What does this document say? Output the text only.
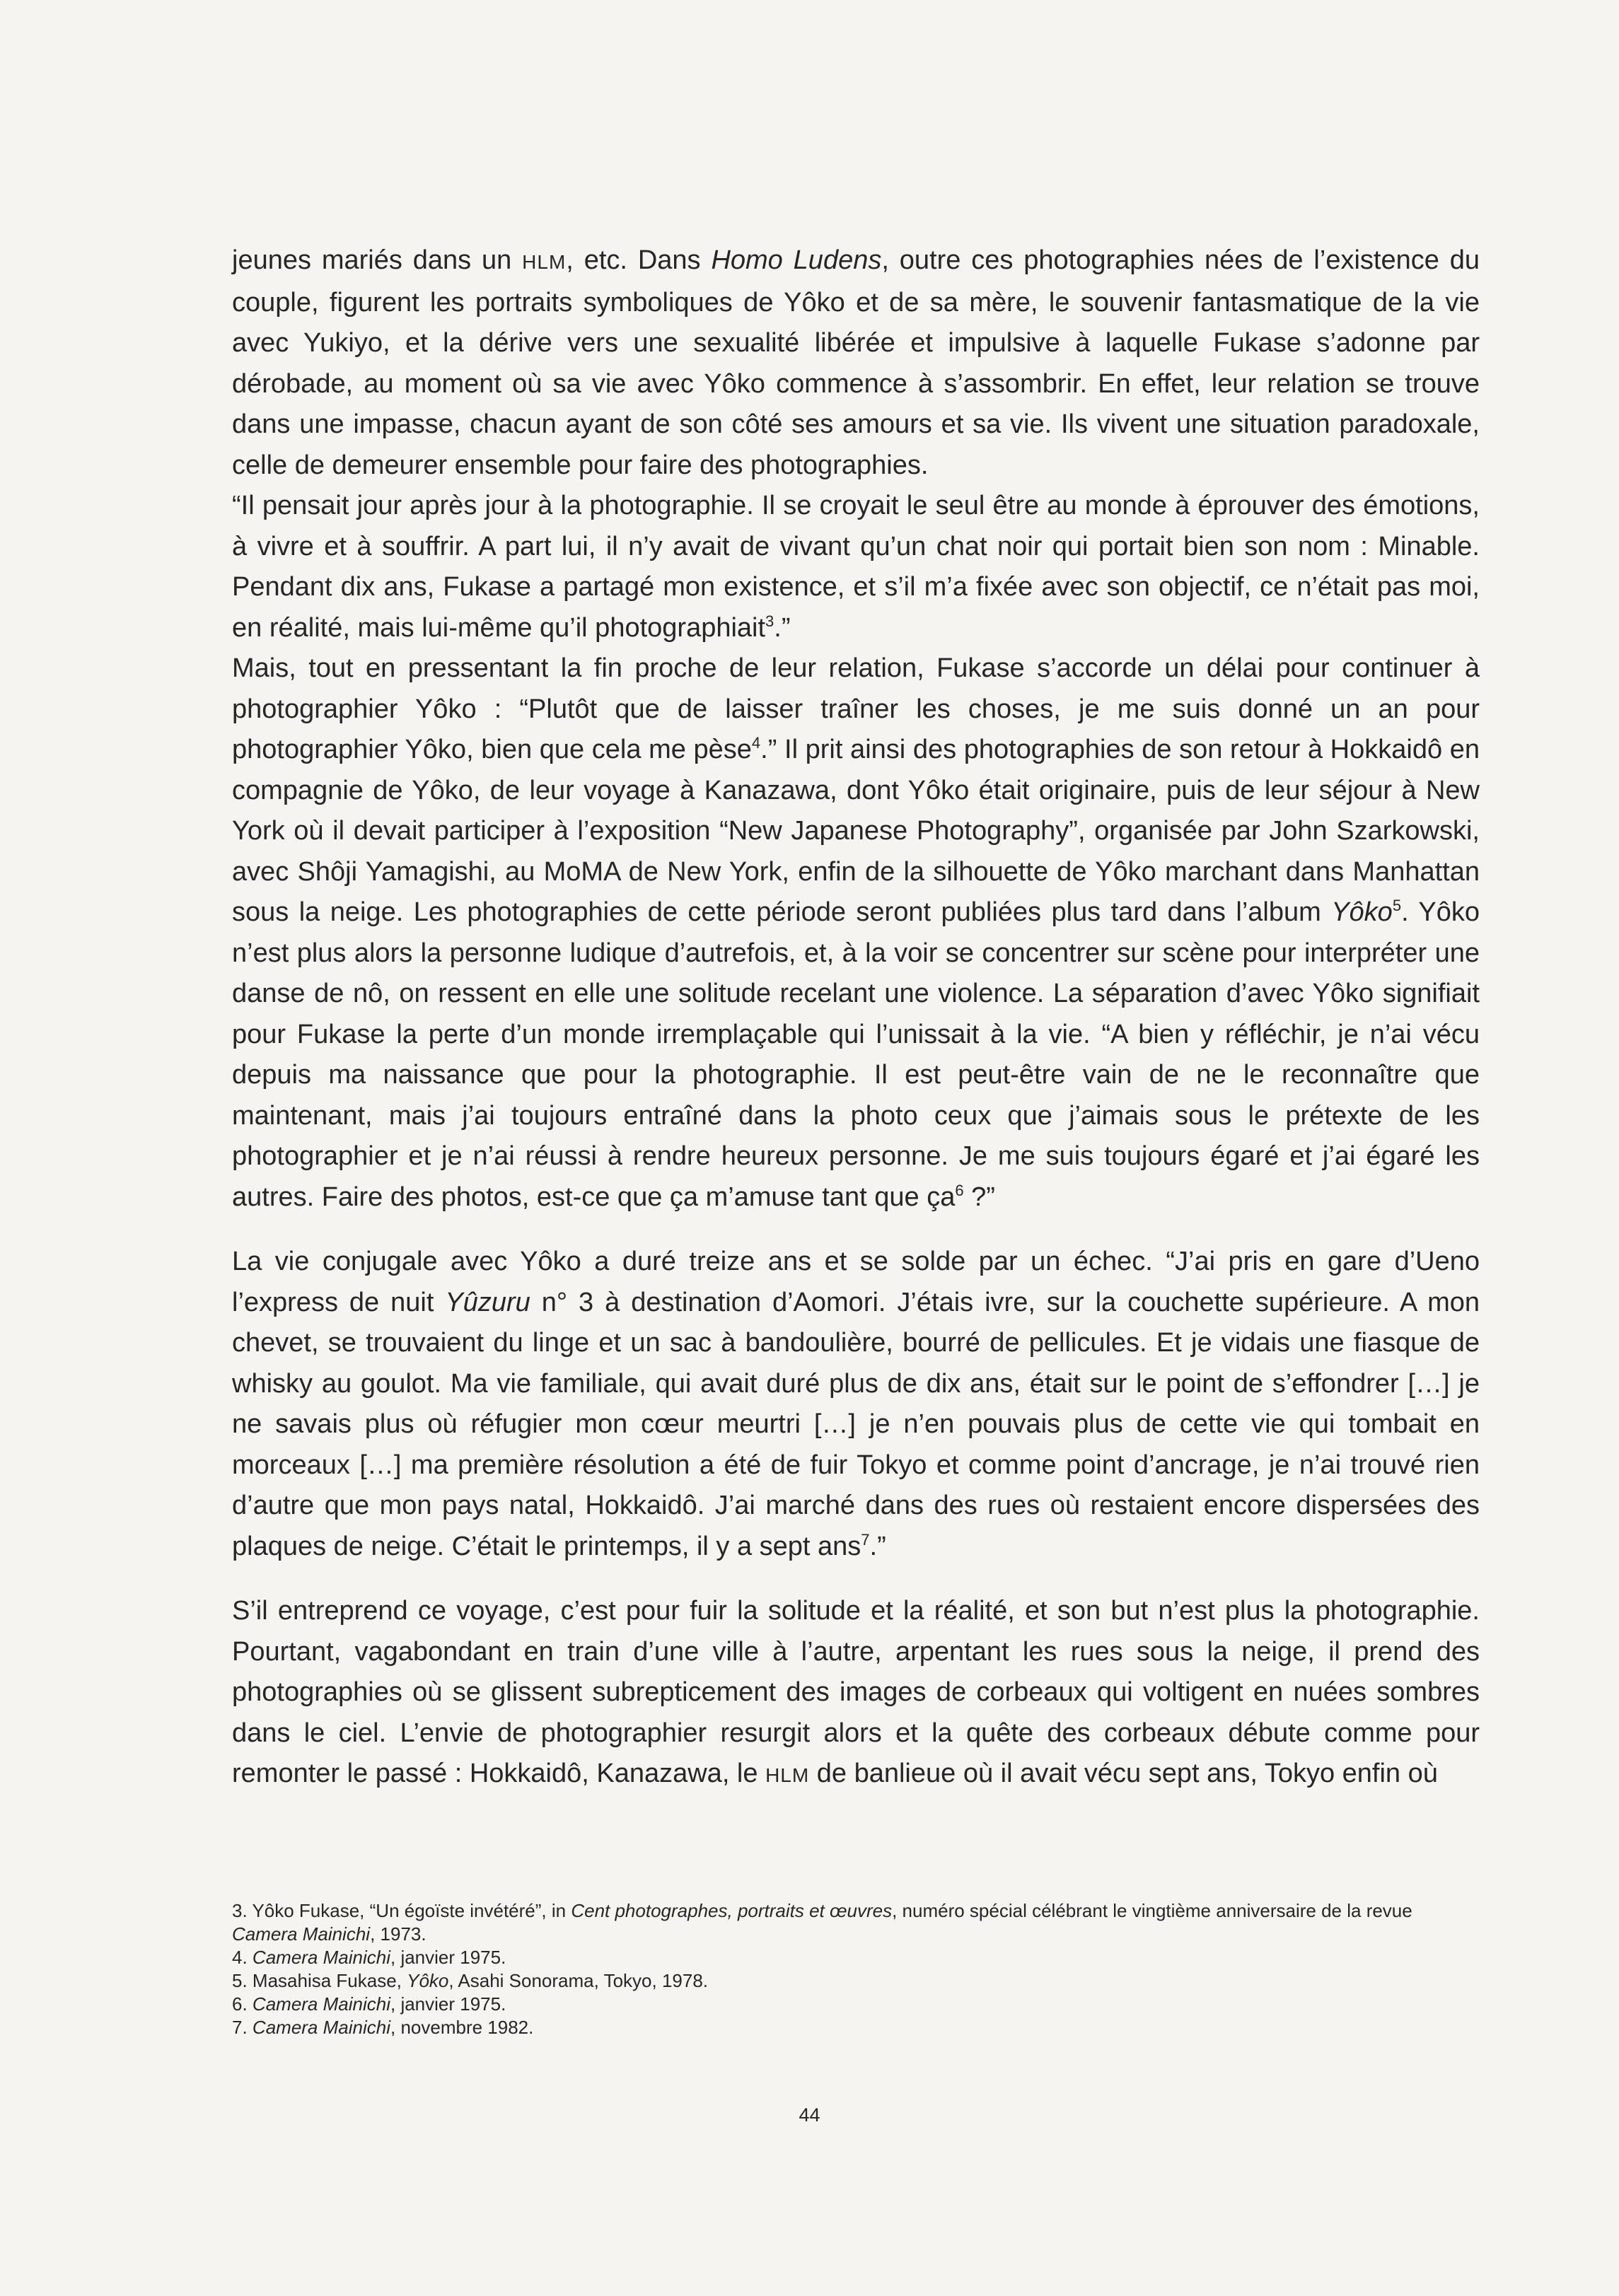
jeunes mariés dans un HLM, etc. Dans Homo Ludens, outre ces photographies nées de l’existence du couple, figurent les portraits symboliques de Yôko et de sa mère, le souvenir fantasmatique de la vie avec Yukiyo, et la dérive vers une sexualité libérée et impulsive à laquelle Fukase s’adonne par dérobade, au moment où sa vie avec Yôko commence à s’assombrir. En effet, leur relation se trouve dans une impasse, chacun ayant de son côté ses amours et sa vie. Ils vivent une situation paradoxale, celle de demeurer ensemble pour faire des photographies.

“Il pensait jour après jour à la photographie. Il se croyait le seul être au monde à éprouver des émotions, à vivre et à souffrir. A part lui, il n’y avait de vivant qu’un chat noir qui portait bien son nom : Minable. Pendant dix ans, Fukase a partagé mon existence, et s’il m’a fixée avec son objectif, ce n’était pas moi, en réalité, mais lui-même qu’il photographiait$^3$.”

Mais, tout en pressentant la fin proche de leur relation, Fukase s’accorde un délai pour continuer à photographier Yôko : “Plutôt que de laisser traîner les choses, je me suis donné un an pour photographier Yôko, bien que cela me pèse$^4$.” Il prit ainsi des photographies de son retour à Hokkaidô en compagnie de Yôko, de leur voyage à Kanazawa, dont Yôko était originaire, puis de leur séjour à New York où il devait participer à l’exposition “New Japanese Photography”, organisée par John Szarkowski, avec Shôji Yamagishi, au MoMA de New York, enfin de la silhouette de Yôko marchant dans Manhattan sous la neige. Les photographies de cette période seront publiées plus tard dans l’album Yôko$^5$. Yôko n’est plus alors la personne ludique d’autrefois, et, à la voir se concentrer sur scène pour interpréter une danse de nô, on ressent en elle une solitude recelant une violence. La séparation d’avec Yôko signifiait pour Fukase la perte d’un monde irremplaçable qui l’unissait à la vie. “A bien y réfléchir, je n’ai vécu depuis ma naissance que pour la photographie. Il est peut-être vain de ne le reconnaître que maintenant, mais j’ai toujours entraîné dans la photo ceux que j’aimais sous le prétexte de les photographier et je n’ai réussi à rendre heureux personne. Je me suis toujours égaré et j’ai égaré les autres. Faire des photos, est-ce que ça m’amuse tant que $ça^6$ ?”

La vie conjugale avec Yôko a duré treize ans et se solde par un échec. “J’ai pris en gare d’Ueno l’express de nuit Yûzuru n° 3 à destination d’Aomori. J’étais ivre, sur la couchette supérieure. A mon chevet, se trouvaient du linge et un sac à bandoulière, bourré de pellicules. Et je vidais une fiasque de whisky au goulot. Ma vie familiale, qui avait duré plus de dix ans, était sur le point de s’effondrer […] je ne savais plus où réfugier mon cœur meurtri […] je n’en pouvais plus de cette vie qui tombait en morceaux […] ma première résolution a été de fuir Tokyo et comme point d’ancrage, je n’ai trouvé rien d’autre que mon pays natal, Hokkaidô. J’ai marché dans des rues où restaient encore dispersées des plaques de neige. C’était le printemps, il y a sept ans$^7$.”

S’il entreprend ce voyage, c’est pour fuir la solitude et la réalité, et son but n’est plus la photographie. Pourtant, vagabondant en train d’une ville à l’autre, arpentant les rues sous la neige, il prend des photographies où se glissent subrepticement des images de corbeaux qui voltigent en nuées sombres dans le ciel. L’envie de photographier resurgit alors et la quête des corbeaux débute comme pour remonter le passé : Hokkaidô, Kanazawa, le HLM de banlieue où il avait vécu sept ans, Tokyo enfin où

3. Yôko Fukase, “Un égoïste invétéré”, in Cent photographes, portraits et œuvres, numéro spécial célébrant le vingtième anniversaire de la revue Camera Mainichi, 1973.

4. Camera Mainichi, janvier 1975.

5. Masahisa Fukase, Yôko, Asahi Sonorama, Tokyo, 1978.

6. Camera Mainichi, janvier 1975.

7. Camera Mainichi, novembre 1982.

44
